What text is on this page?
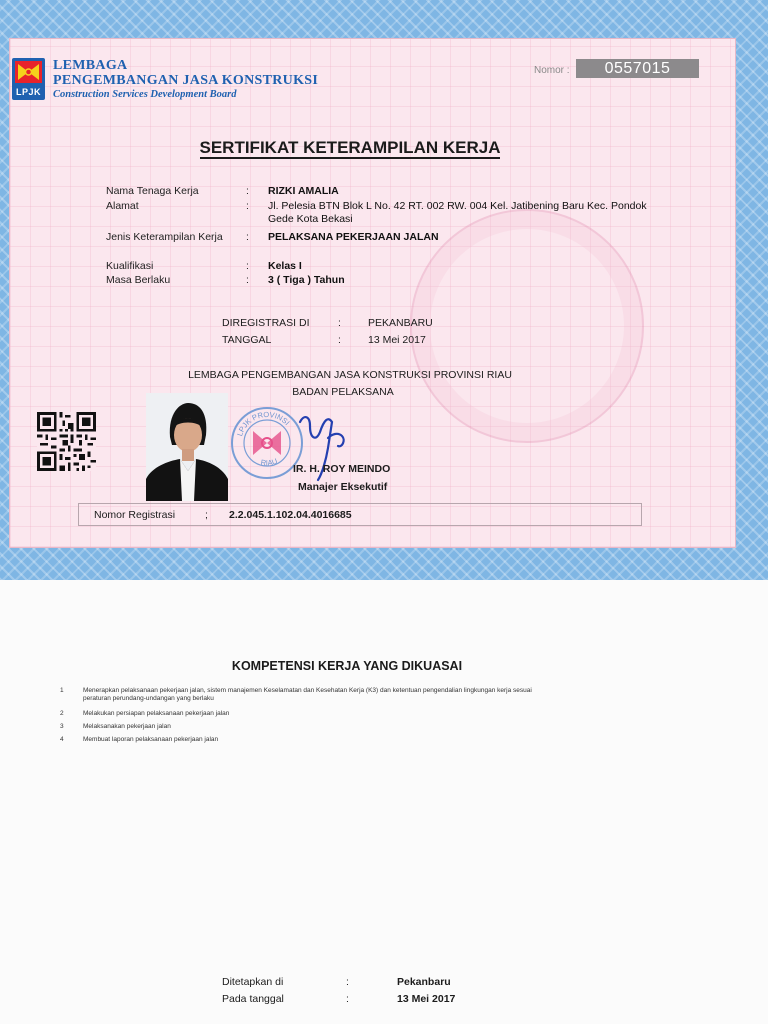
LPJK
LEMBAGA
PENGEMBANGAN JASA KONSTRUKSI
Construction Services Development Board
Nomor :	0557015
SERTIFIKAT KETERAMPILAN KERJA
Nama Tenaga Kerja	: RIZKI AMALIA
Alamat	: Jl. Pelesia BTN Blok L No. 42 RT. 002 RW. 004 Kel. Jatibening Baru Kec. Pondok
Gede Kota Bekasi
Jenis Keterampilan Kerja : PELAKSANA PEKERJAAN JALAN
Kualifikasi	: Kelas I
Masa Berlaku	: 3 ( Tiga ) Tahun
DIREGISTRASI DI	:	PEKANBARU
TANGGAL	:	13 Mei 2017
LEMBAGA PENGEMBANGAN JASA KONSTRUKSI PROVINSI RIAU
BADAN PELAKSANA
LPJK PROVINSI
RIAU
IR. H. ROY MEINDO
Manajer Eksekutif
Nomor Registrasi	; 2.2.045.1.102.04.4016685
KOMPETENSI KERJA YANG DIKUASAI
1	Menerapkan pelaksanaan pekerjaan jalan, sistem manajemen Keselamatan dan Kesehatan Kerja (K3) dan ketentuan pengendalian lingkungan kerja sesuai
peraturan perundang-undangan yang berlaku
2	Melakukan persiapan pelaksanaan pekerjaan jalan
3	Melaksanakan pekerjaan jalan
4	Membuat laporan pelaksanaan pekerjaan jalan
Ditetapkan di	:	Pekanbaru
Pada tanggal	:	13 Mei 2017
